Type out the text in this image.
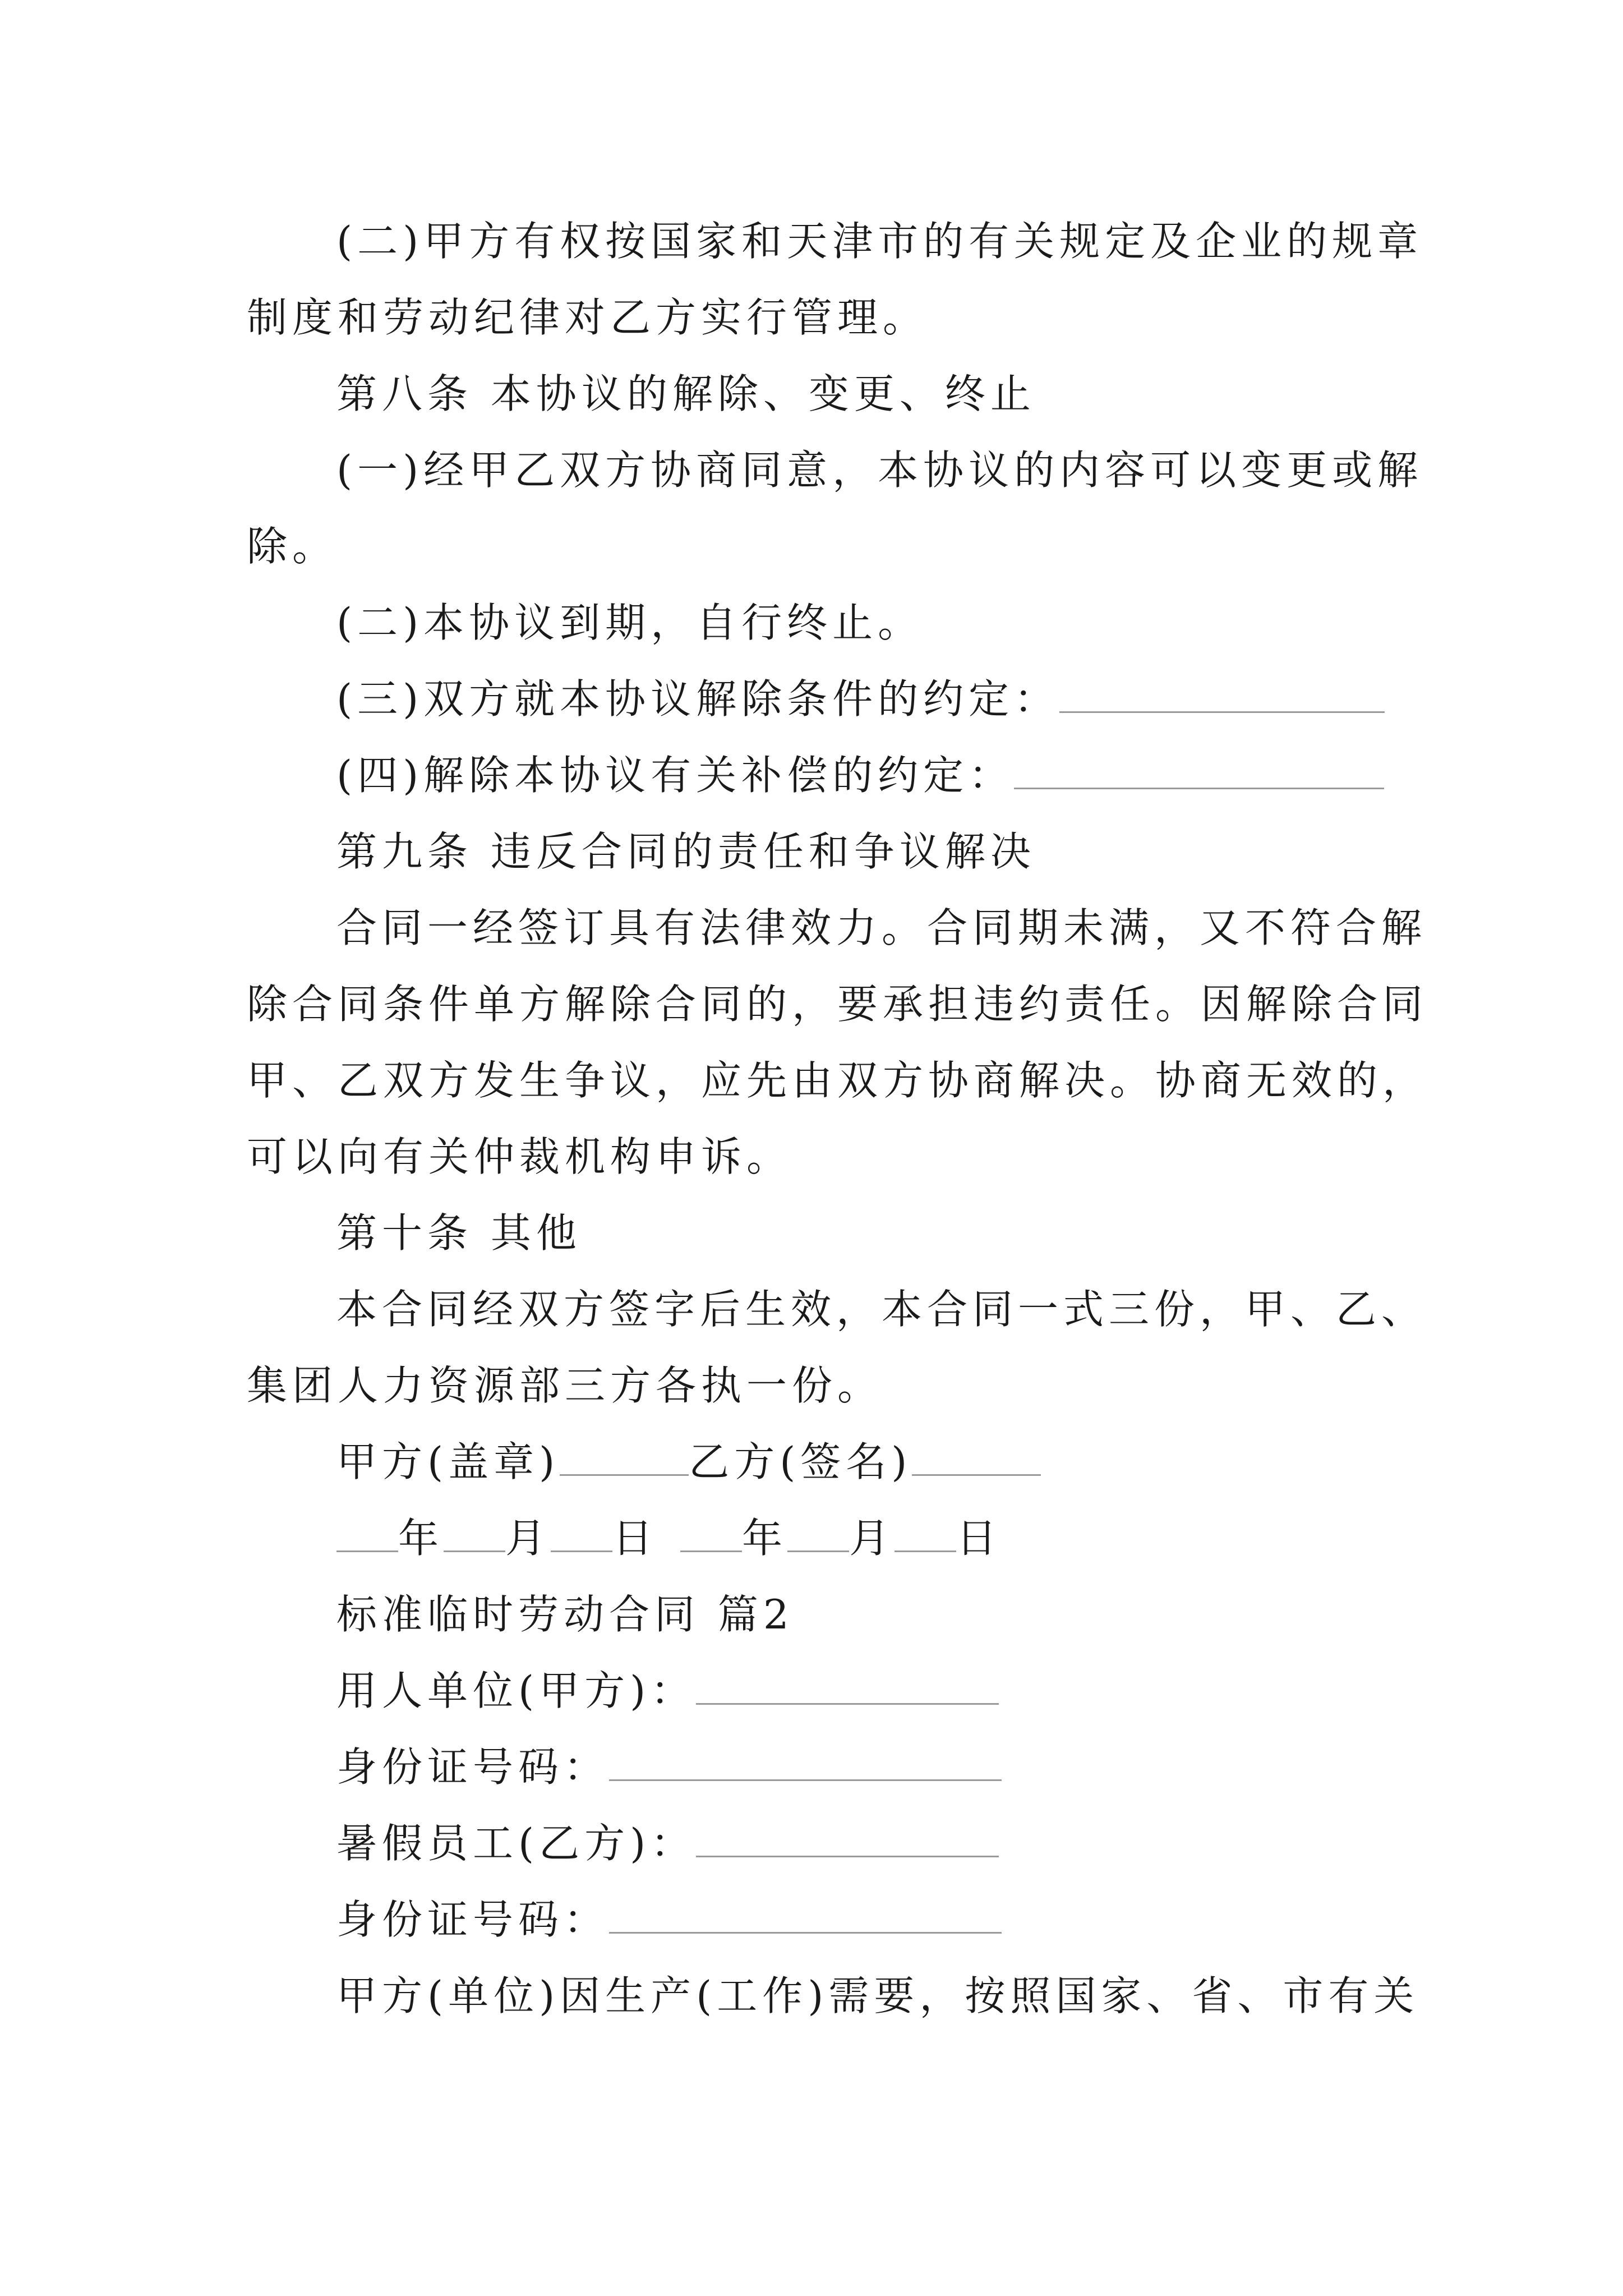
(二)甲方有权按国家和天津市的有关规定及企业的规章
制度和劳动纪律对乙方实行管理。
第八条 本协议的解除、变更、终止
(一)经甲乙双方协商同意，本协议的内容可以变更或解
除。
(二)本协议到期，自行终止。
(三)双方就本协议解除条件的约定：
(四)解除本协议有关补偿的约定：
第九条 违反合同的责任和争议解决
合同一经签订具有法律效力。合同期未满，又不符合解
除合同条件单方解除合同的，要承担违约责任。因解除合同
甲、乙双方发生争议，应先由双方协商解决。协商无效的，
可以向有关仲裁机构申诉。
第十条 其他
本合同经双方签字后生效，本合同一式三份，甲、乙、
集团人力资源部三方各执一份。
甲方(盖章)	乙方(签名)
年 月 日 年 月 日
标准临时劳动合同 篇2
用人单位(甲方)：
身份证号码：
暑假员工(乙方)：
身份证号码：
甲方(单位)因生产(工作)需要，按照国家、省、市有关
